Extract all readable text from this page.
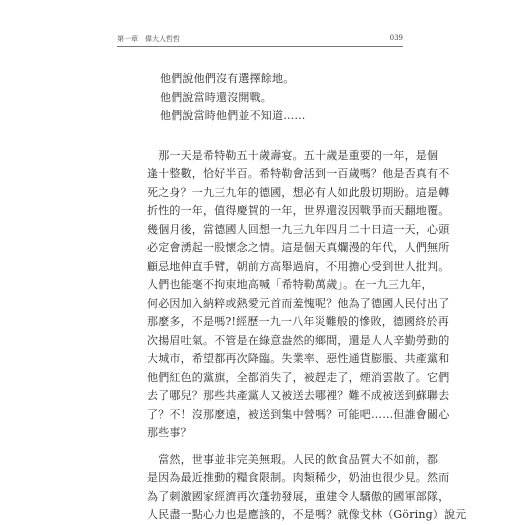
第一章　偉大人哲哲	039
他們說他們沒有選擇餘地。
他們說當時還沒開戰。
他們說當時他們並不知道……
　那一天是希特勒五十歲壽宴。五十歲是重要的一年，是個
逢十整數，恰好半百。希特勒會活到一百歲嗎？他是否真有不
死之身？一九三九年的德國，想必有人如此殷切期盼。這是轉
折性的一年，值得慶賀的一年，世界還沒因戰爭而天翻地覆。
幾個月後，當德國人回想一九三九年四月二十日這一天，心頭
必定會湧起一股懷念之情。這是個天真爛漫的年代，人們無所
顧忌地伸直手臂，朝前方高舉過肩，不用擔心受到世人批判。
人們也能毫不拘束地高喊「希特勒萬歲」。在一九三九年，
何必因加入納粹或熱愛元首而羞愧呢？他為了德國人民付出了
那麼多，不是嗎?!經歷一九一八年災難般的慘敗，德國終於再
次揚眉吐氣。不管是在綠意盎然的鄉間，還是人人辛勤勞動的
大城市，希望都再次降臨。失業率、惡性通貨膨脹、共產黨和
他們紅色的黨旗，全都消失了，被趕走了，煙消雲散了。它們
去了哪兒？那些共產黨人又被送去哪裡？難不成被送到蘇聯去
了？不！沒那麼遠，被送到集中營嗎？可能吧……但誰會關心
那些事？
　當然，世事並非完美無瑕。人民的飲食品質大不如前，都
是因為最近推動的糧食限制。肉類稀少，奶油也很少見。然而
為了刺激國家經濟再次蓬勃發展，重建令人驕傲的國軍部隊，
人民盡一點心力也是應該的，不是嗎？就像戈林（Göring）說元
